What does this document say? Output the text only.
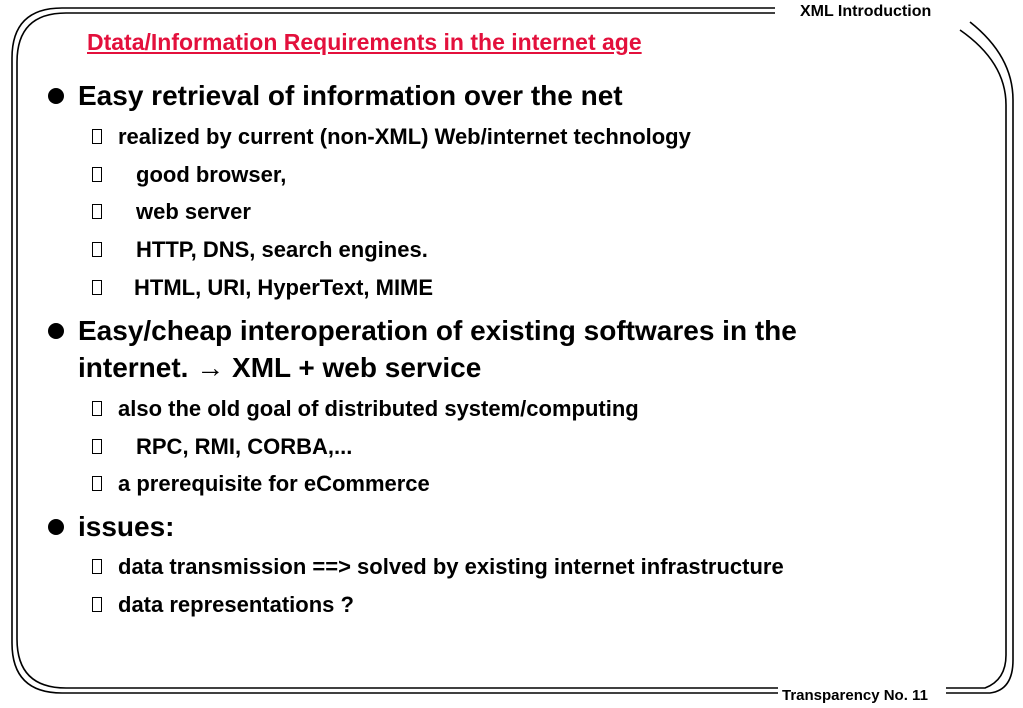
XML Introduction
Transparency No. 11
Dtata/Information Requirements in the internet age
Easy retrieval of information over the net
realized by current (non-XML) Web/internet technology
good browser,
web server
HTTP, DNS, search engines.
HTML, URI, HyperText, MIME
Easy/cheap interoperation of existing softwares in the
internet. → XML + web service
also the old goal of distributed system/computing
RPC, RMI, CORBA,...
a prerequisite for eCommerce
issues:
data transmission ==> solved by existing internet infrastructure
data representations ?
